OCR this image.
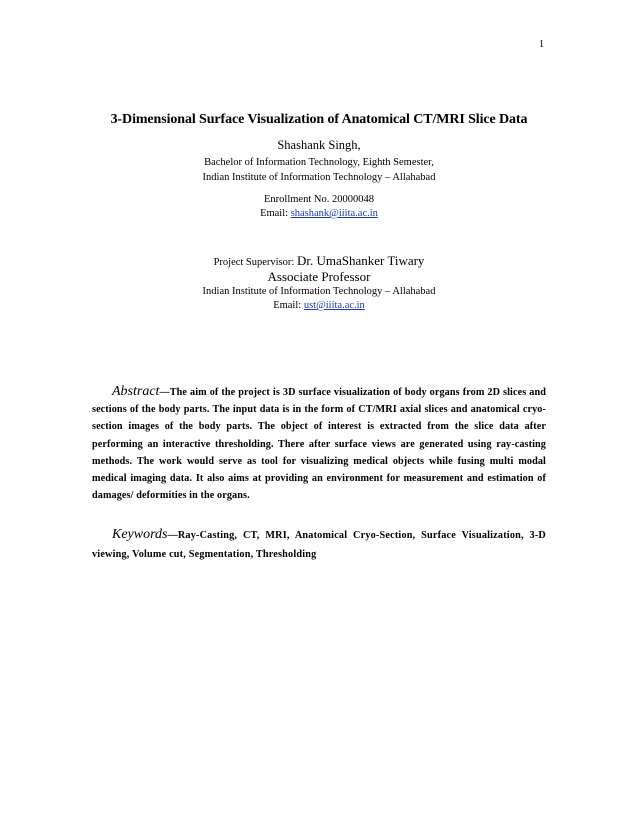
1
3-Dimensional Surface Visualization of Anatomical CT/MRI Slice Data
Shashank Singh,
Bachelor of Information Technology, Eighth Semester,
Indian Institute of Information Technology – Allahabad
Enrollment No. 20000048
Email: shashank@iiita.ac.in
Project Supervisor: Dr. UmaShanker Tiwary
Associate Professor
Indian Institute of Information Technology – Allahabad
Email: ust@iiita.ac.in
Abstract—The aim of the project is 3D surface visualization of body organs from 2D slices and sections of the body parts. The input data is in the form of CT/MRI axial slices and anatomical cryo-section images of the body parts. The object of interest is extracted from the slice data after performing an interactive thresholding. There after surface views are generated using ray-casting methods. The work would serve as tool for visualizing medical objects while fusing multi modal medical imaging data. It also aims at providing an environment for measurement and estimation of damages/ deformities in the organs.
Keywords—Ray-Casting, CT, MRI, Anatomical Cryo-Section, Surface Visualization, 3-D viewing, Volume cut, Segmentation, Thresholding
